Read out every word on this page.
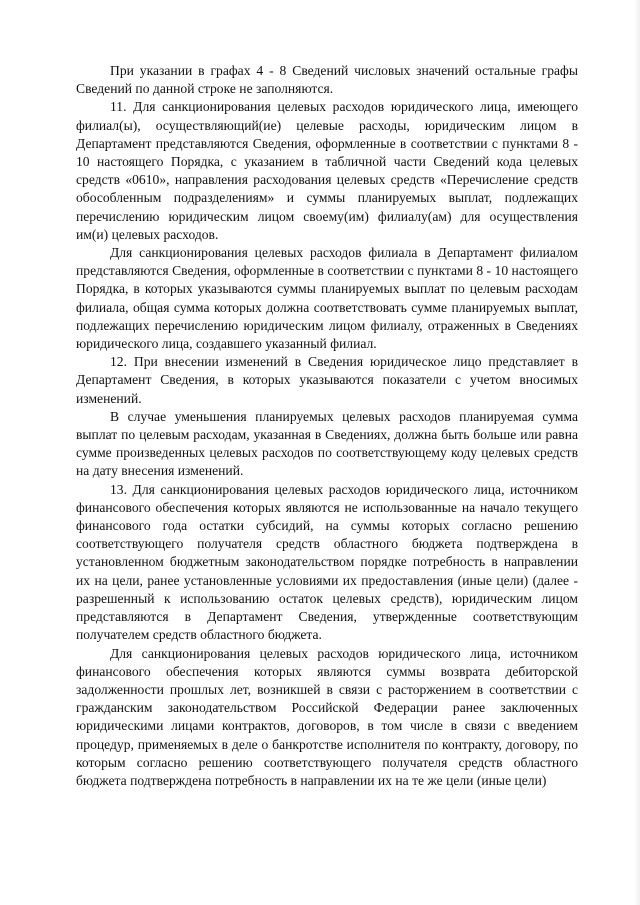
При указании в графах 4 - 8 Сведений числовых значений остальные графы Сведений по данной строке не заполняются.

11. Для санкционирования целевых расходов юридического лица, имеющего филиал(ы), осуществляющий(ие) целевые расходы, юридическим лицом в Департамент представляются Сведения, оформленные в соответствии с пунктами 8 - 10 настоящего Порядка, с указанием в табличной части Сведений кода целевых средств «0610», направления расходования целевых средств «Перечисление средств обособленным подразделениям» и суммы планируемых выплат, подлежащих перечислению юридическим лицом своему(им) филиалу(ам) для осуществления им(и) целевых расходов.

Для санкционирования целевых расходов филиала в Департамент филиалом представляются Сведения, оформленные в соответствии с пунктами 8 - 10 настоящего Порядка, в которых указываются суммы планируемых выплат по целевым расходам филиала, общая сумма которых должна соответствовать сумме планируемых выплат, подлежащих перечислению юридическим лицом филиалу, отраженных в Сведениях юридического лица, создавшего указанный филиал.

12. При внесении изменений в Сведения юридическое лицо представляет в Департамент Сведения, в которых указываются показатели с учетом вносимых изменений.

В случае уменьшения планируемых целевых расходов планируемая сумма выплат по целевым расходам, указанная в Сведениях, должна быть больше или равна сумме произведенных целевых расходов по соответствующему коду целевых средств на дату внесения изменений.

13. Для санкционирования целевых расходов юридического лица, источником финансового обеспечения которых являются не использованные на начало текущего финансового года остатки субсидий, на суммы которых согласно решению соответствующего получателя средств областного бюджета подтверждена в установленном бюджетным законодательством порядке потребность в направлении их на цели, ранее установленные условиями их предоставления (иные цели) (далее - разрешенный к использованию остаток целевых средств), юридическим лицом представляются в Департамент Сведения, утвержденные соответствующим получателем средств областного бюджета.

Для санкционирования целевых расходов юридического лица, источником финансового обеспечения которых являются суммы возврата дебиторской задолженности прошлых лет, возникшей в связи с расторжением в соответствии с гражданским законодательством Российской Федерации ранее заключенных юридическими лицами контрактов, договоров, в том числе в связи с введением процедур, применяемых в деле о банкротстве исполнителя по контракту, договору, по которым согласно решению соответствующего получателя средств областного бюджета подтверждена потребность в направлении их на те же цели (иные цели)
